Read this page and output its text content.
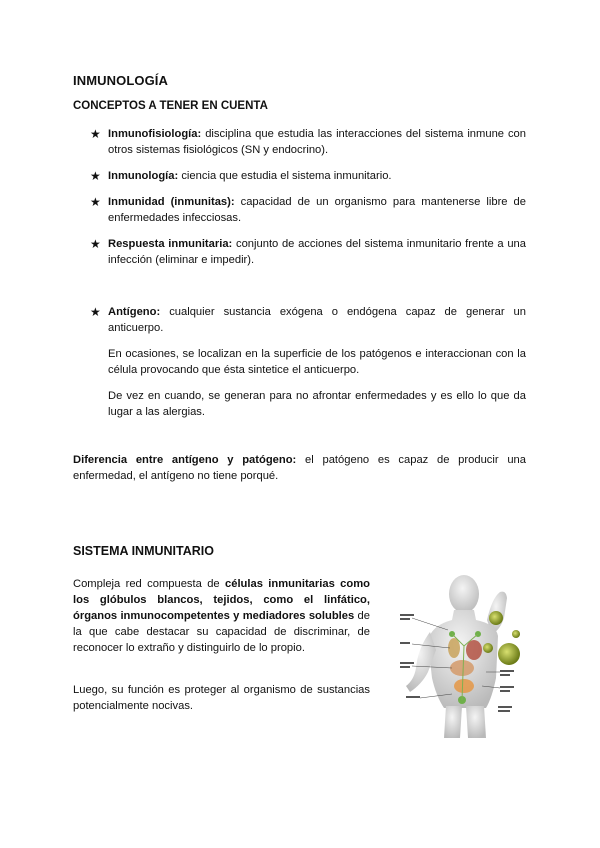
INMUNOLOGÍA
CONCEPTOS A TENER EN CUENTA
★ Inmunofisiología: disciplina que estudia las interacciones del sistema inmune con otros sistemas fisiológicos (SN y endocrino).
★ Inmunología: ciencia que estudia el sistema inmunitario.
★ Inmunidad (inmunitas): capacidad de un organismo para mantenerse libre de enfermedades infecciosas.
★ Respuesta inmunitaria: conjunto de acciones del sistema inmunitario frente a una infección (eliminar e impedir).
★ Antígeno: cualquier sustancia exógena o endógena capaz de generar un anticuerpo.
En ocasiones, se localizan en la superficie de los patógenos e interaccionan con la célula provocando que ésta sintetice el anticuerpo.
De vez en cuando, se generan para no afrontar enfermedades y es ello lo que da lugar a las alergias.
Diferencia entre antígeno y patógeno: el patógeno es capaz de producir una enfermedad, el antígeno no tiene porqué.
SISTEMA INMUNITARIO
Compleja red compuesta de células inmunitarias como los glóbulos blancos, tejidos, como el linfático, órganos inmunocompetentes y mediadores solubles de la que cabe destacar su capacidad de discriminar, de reconocer lo extraño y distinguirlo de lo propio.
Luego, su función es proteger al organismo de sustancias potencialmente nocivas.
